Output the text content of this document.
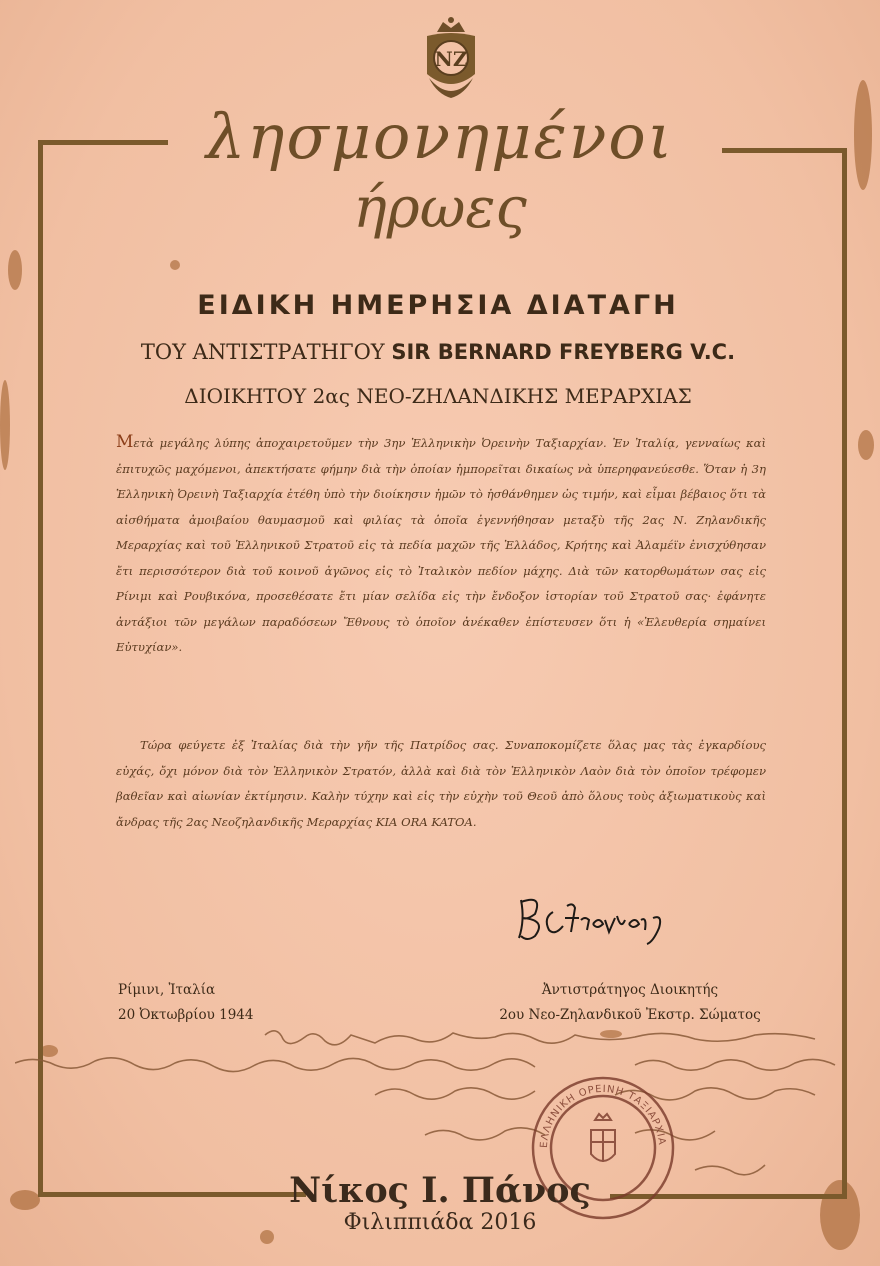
NZ
λησμονημένοι
ήρωες
ΕΙΔΙΚΗ ΗΜΕΡΗΣΙΑ ΔΙΑΤΑΓΗ
ΤΟΥ ΑΝΤΙΣΤΡΑΤΗΓΟΥ SIR BERNARD FREYBERG V.C.
ΔΙΟΙΚΗΤΟΥ 2ας ΝΕΟ-ΖΗΛΑΝΔΙΚΗΣ ΜΕΡΑΡΧΙΑΣ
Μετὰ μεγάλης λύπης ἀποχαιρετοῦμεν τὴν 3ην Ἑλληνικὴν Ὀρεινὴν Ταξιαρχίαν. Ἐν Ἰταλίᾳ, γενναίως καὶ ἐπιτυχῶς μαχόμενοι, ἀπεκτήσατε φήμην διὰ τὴν ὁποίαν ἠμπορεῖται δικαίως νὰ ὑπερηφανεύεσθε. Ὅταν ἡ 3η Ἑλληνικὴ Ὀρεινὴ Ταξιαρχία ἐτέθη ὑπὸ τὴν διοίκησιν ἡμῶν τὸ ἠσθάνθημεν ὡς τιμήν, καὶ εἶμαι βέβαιος ὅτι τὰ αἰσθήματα ἀμοιβαίου θαυμασμοῦ καὶ φιλίας τὰ ὁποῖα ἐγεννήθησαν μεταξὺ τῆς 2ας Ν. Ζηλανδικῆς Μεραρχίας καὶ τοῦ Ἑλληνικοῦ Στρατοῦ εἰς τὰ πεδία μαχῶν τῆς Ἑλλάδος, Κρήτης καὶ Ἀλαμέϊν ἐνισχύθησαν ἔτι περισσότερον διὰ τοῦ κοινοῦ ἀγῶνος εἰς τὸ Ἰταλικὸν πεδίον μάχης. Διὰ τῶν κατορθωμάτων σας εἰς Ρίνιμι καὶ Ρουβικόνα, προσεθέσατε ἔτι μίαν σελίδα εἰς τὴν ἔνδοξον ἱστορίαν τοῦ Στρατοῦ σας· ἐφάνητε ἀντάξιοι τῶν μεγάλων παραδόσεων Ἔθνους τὸ ὁποῖον ἀνέκαθεν ἐπίστευσεν ὅτι ἡ «Ἐλευθερία σημαίνει Εὐτυχίαν».
Τώρα φεύγετε ἐξ Ἰταλίας διὰ τὴν γῆν τῆς Πατρίδος σας. Συναποκομίζετε ὅλας μας τὰς ἐγκαρδίους εὐχάς, ὄχι μόνον διὰ τὸν Ἑλληνικὸν Στρατόν, ἀλλὰ καὶ διὰ τὸν Ἑλληνικὸν Λαὸν διὰ τὸν ὁποῖον τρέφομεν βαθεῖαν καὶ αἰωνίαν ἐκτίμησιν. Καλὴν τύχην καὶ εἰς τὴν εὐχὴν τοῦ Θεοῦ ἀπὸ ὅλους τοὺς ἀξιωματικοὺς καὶ ἄνδρας τῆς 2ας Νεοζηλανδικῆς Μεραρχίας KIA ORA KATOA.
Ρίμινι, Ἰταλία
20 Ὀκτωβρίου 1944
Ἀντιστράτηγος Διοικητής
2ου Νεο-Ζηλανδικοῦ Ἐκστρ. Σώματος
ΕΛΛΗΝΙΚΗ ΟΡΕΙΝΗ ΤΑΞΙΑΡΧΙΑ
Νίκος Ι. Πάνος
Φιλιππιάδα 2016
